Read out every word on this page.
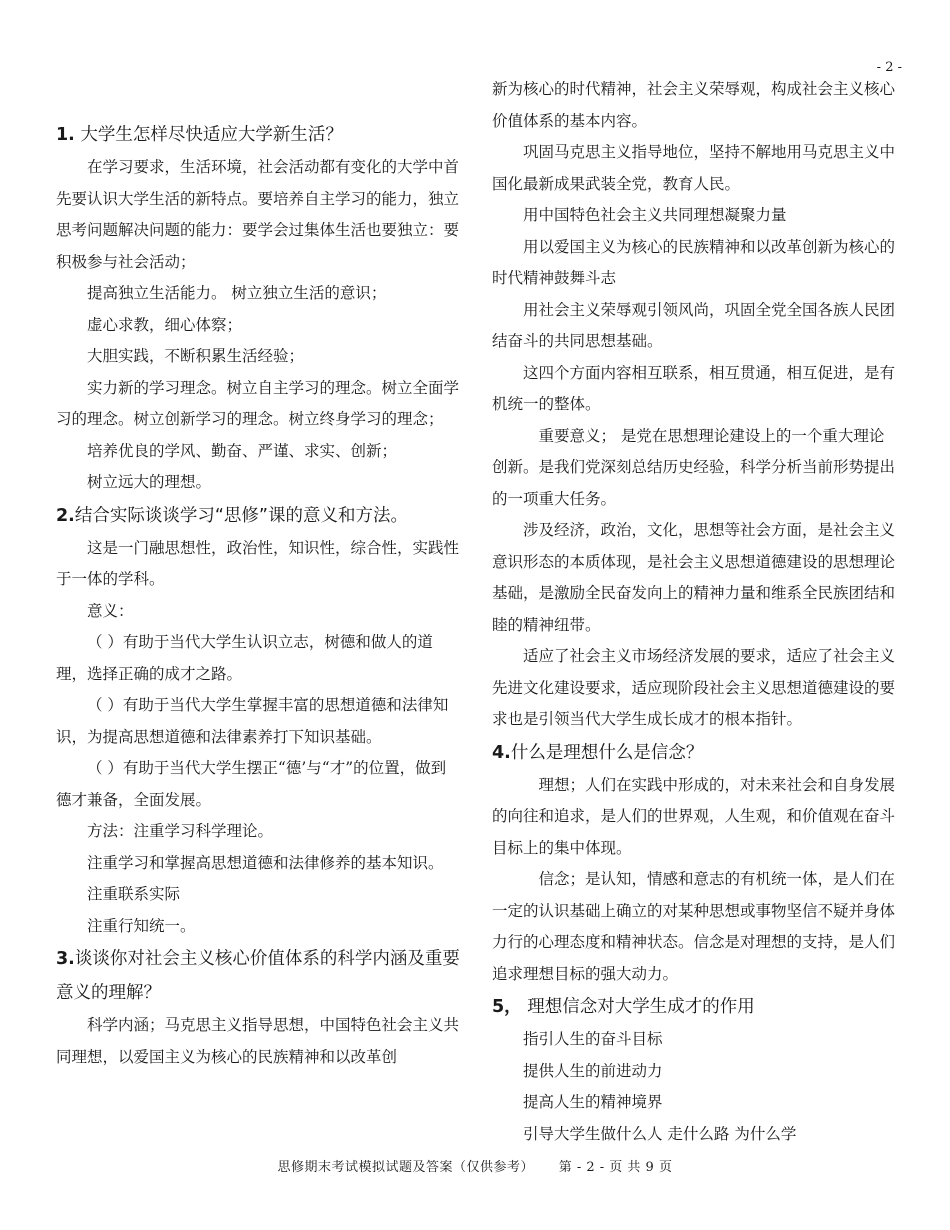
- 2 -
1. 大学生怎样尽快适应大学新生活？

在学习要求，生活环境，社会活动都有变化的大学中首先要认识大学生活的新特点。要培养自主学习的能力，独立思考问题解决问题的能力：要学会过集体生活也要独立：要积极参与社会活动；

提高独立生活能力。 树立独立生活的意识；

虚心求教，细心体察；

大胆实践，不断积累生活经验；

实力新的学习理念。树立自主学习的理念。树立全面学习的理念。树立创新学习的理念。树立终身学习的理念；

培养优良的学风、勤奋、严谨、求实、创新；

树立远大的理想。

2.结合实际谈谈学习“思修”课的意义和方法。

这是一门融思想性，政治性，知识性，综合性，实践性于一体的学科。

意义：

（ ）有助于当代大学生认识立志，树德和做人的道理，选择正确的成才之路。

（ ）有助于当代大学生掌握丰富的思想道德和法律知识，为提高思想道德和法律素养打下知识基础。

（ ）有助于当代大学生摆正“德’与“才”的位置，做到德才兼备，全面发展。

方法：注重学习科学理论。

注重学习和掌握高思想道德和法律修养的基本知识。

注重联系实际

注重行知统一。

3.谈谈你对社会主义核心价值体系的科学内涵及重要意义的理解？

科学内涵；马克思主义指导思想，中国特色社会主义共同理想，以爱国主义为核心的民族精神和以改革创

新为核心的时代精神，社会主义荣辱观，构成社会主义核心价值体系的基本内容。

巩固马克思主义指导地位，坚持不解地用马克思主义中国化最新成果武装全党，教育人民。

用中国特色社会主义共同理想凝聚力量

用以爱国主义为核心的民族精神和以改革创新为核心的时代精神鼓舞斗志

用社会主义荣辱观引领风尚，巩固全党全国各族人民团结奋斗的共同思想基础。

这四个方面内容相互联系，相互贯通，相互促进，是有机统一的整体。

重要意义； 是党在思想理论建设上的一个重大理论创新。是我们党深刻总结历史经验，科学分析当前形势提出的一项重大任务。

涉及经济，政治，文化，思想等社会方面，是社会主义意识形态的本质体现，是社会主义思想道德建设的思想理论基础，是激励全民奋发向上的精神力量和维系全民族团结和睦的精神纽带。

适应了社会主义市场经济发展的要求，适应了社会主义先进文化建设要求，适应现阶段社会主义思想道德建设的要求也是引领当代大学生成长成才的根本指针。

4.什么是理想什么是信念？

理想；人们在实践中形成的，对未来社会和自身发展的向往和追求，是人们的世界观，人生观，和价值观在奋斗目标上的集中体现。

信念；是认知，情感和意志的有机统一体，是人们在一定的认识基础上确立的对某种思想或事物坚信不疑并身体力行的心理态度和精神状态。信念是对理想的支持，是人们追求理想目标的强大动力。

5， 理想信念对大学生成才的作用

指引人生的奋斗目标

提供人生的前进动力

提高人生的精神境界

引导大学生做什么人 走什么路 为什么学

思修期末考试模拟试题及答案（仅供参考） 第 - 2 - 页 共 9 页
